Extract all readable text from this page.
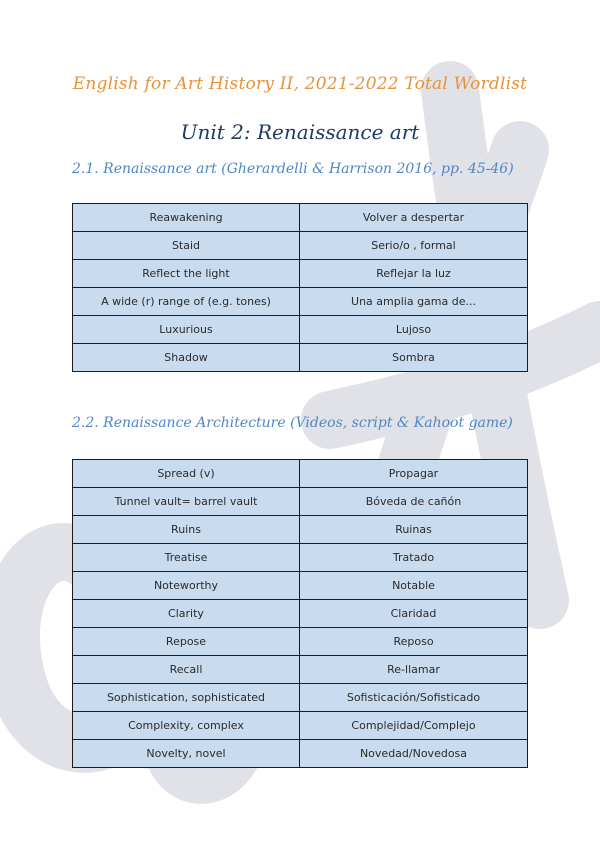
English for Art History II, 2021-2022 Total Wordlist
Unit 2: Renaissance art
2.1. Renaissance art (Gherardelli & Harrison 2016, pp. 45-46)
Reawakening	Volver a despertar
Staid	Serio/o , formal
Reflect the light	Reflejar la luz
A wide (r) range of (e.g. tones)	Una amplia gama de...
Luxurious	Lujoso
Shadow	Sombra
2.2. Renaissance Architecture (Videos, script & Kahoot game)
Spread (v)	Propagar
Tunnel vault= barrel vault	Bóveda de cañón
Ruins	Ruinas
Treatise	Tratado
Noteworthy	Notable
Clarity	Claridad
Repose	Reposo
Recall	Re-llamar
Sophistication, sophisticated	Sofisticación/Sofisticado
Complexity, complex	Complejidad/Complejo
Novelty, novel	Novedad/Novedosa
